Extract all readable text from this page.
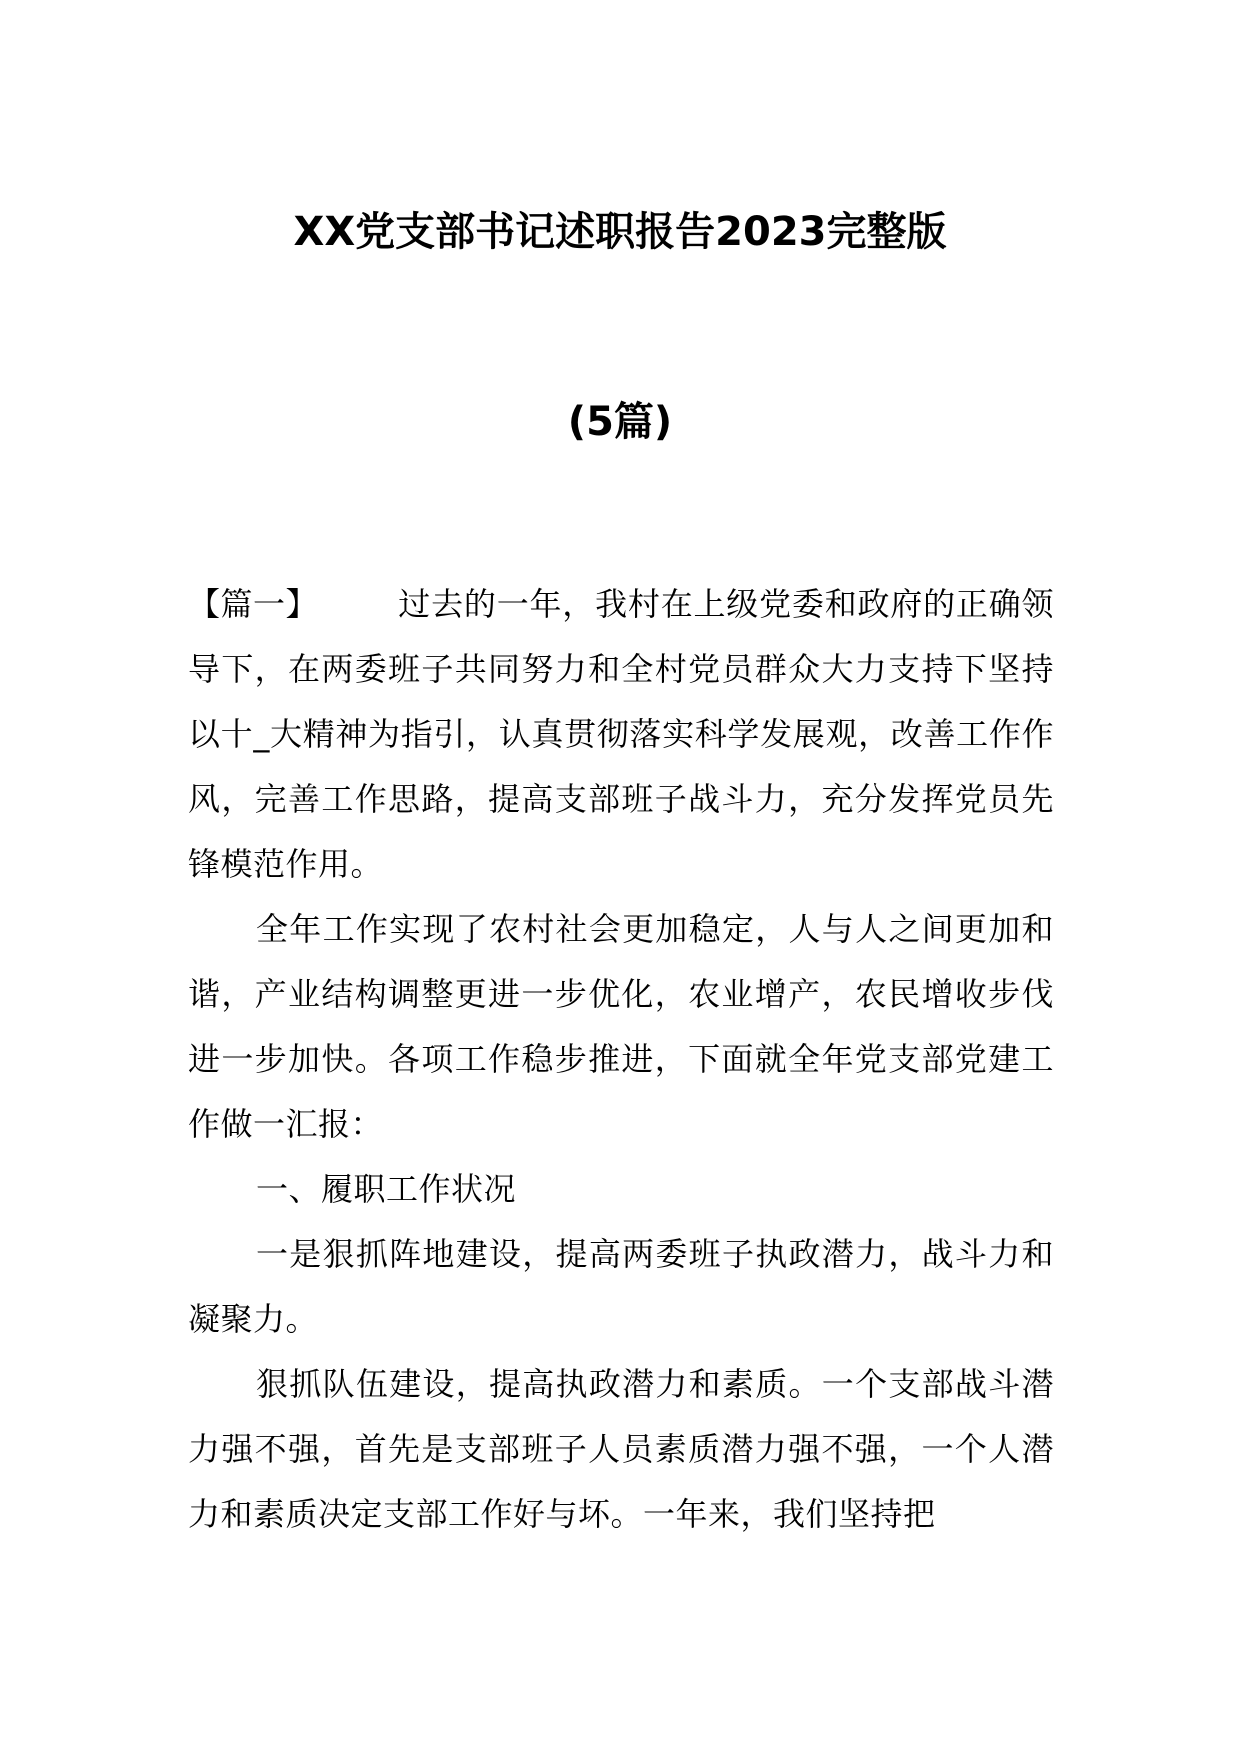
XX党支部书记述职报告2023完整版
(5篇)

【篇一】 过去的一年，我村在上级党委和政府的正确领导下，在两委班子共同努力和全村党员群众大力支持下坚持以十_大精神为指引，认真贯彻落实科学发展观，改善工作作风，完善工作思路，提高支部班子战斗力，充分发挥党员先锋模范作用。

全年工作实现了农村社会更加稳定，人与人之间更加和谐，产业结构调整更进一步优化，农业增产，农民增收步伐进一步加快。各项工作稳步推进，下面就全年党支部党建工作做一汇报：

一、履职工作状况

一是狠抓阵地建设，提高两委班子执政潜力，战斗力和凝聚力。

狠抓队伍建设，提高执政潜力和素质。一个支部战斗潜力强不强，首先是支部班子人员素质潜力强不强，一个人潜力和素质决定支部工作好与坏。一年来，我们坚持把
